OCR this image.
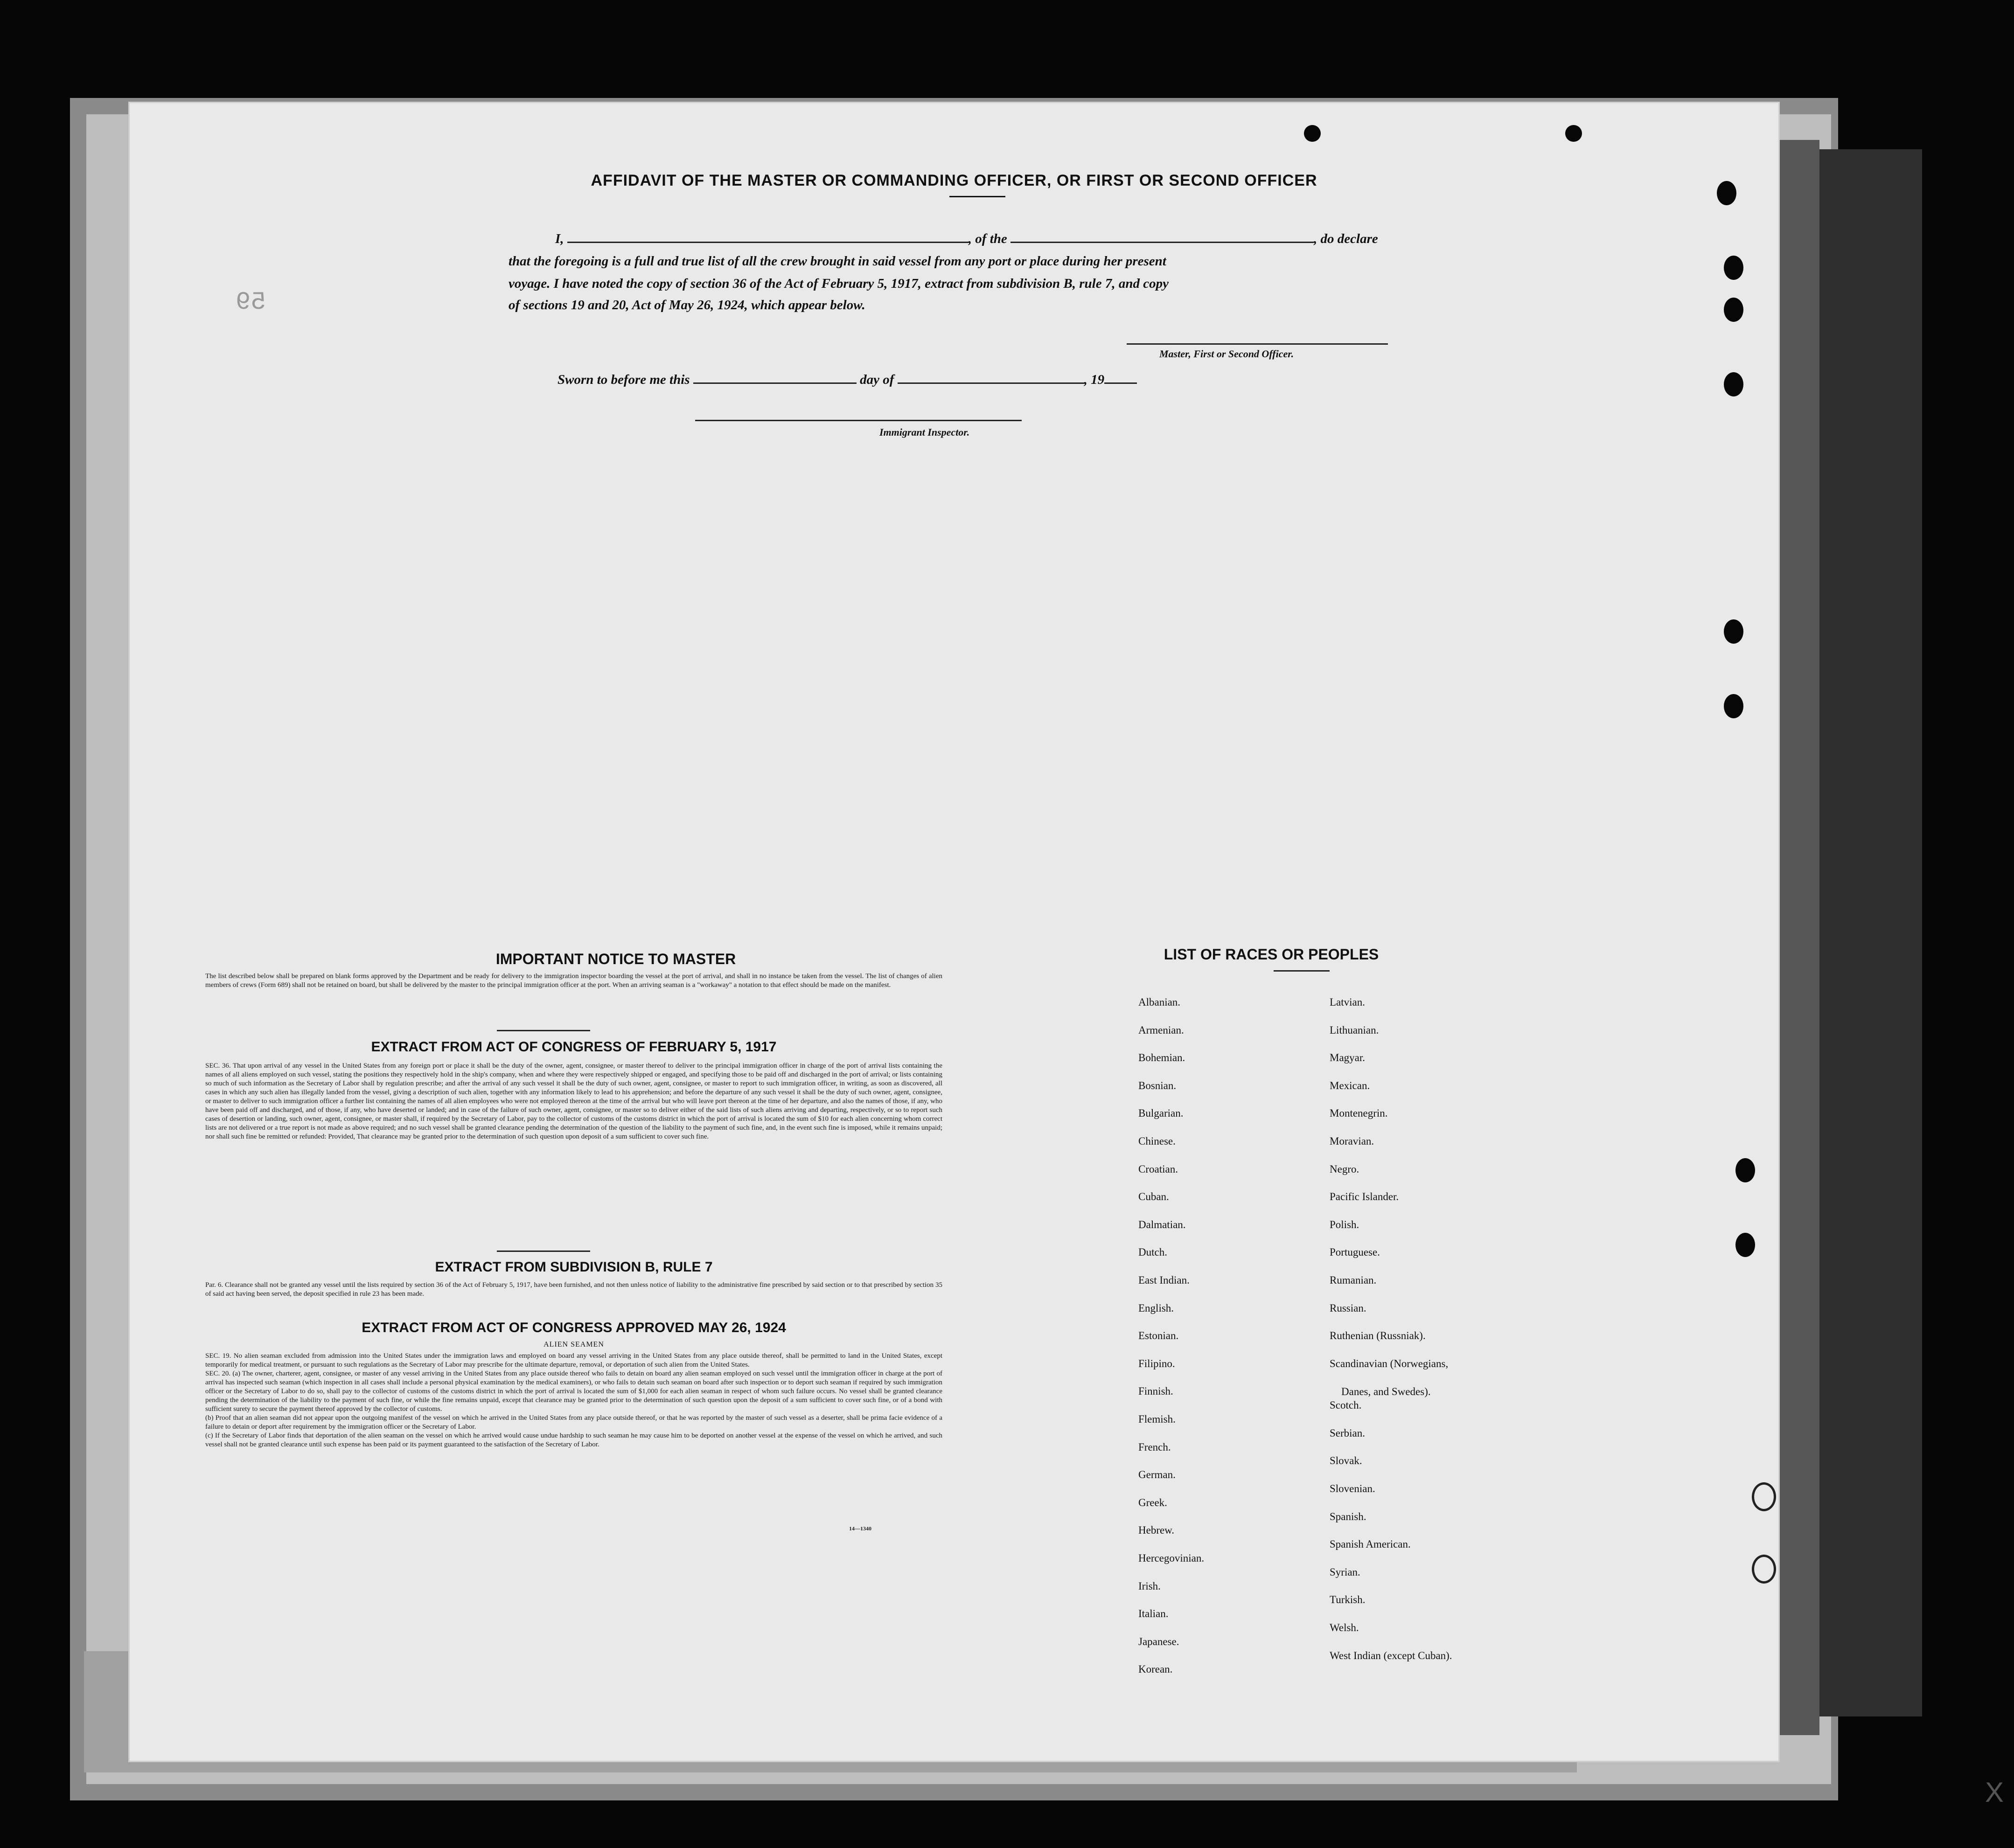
AFFIDAVIT OF THE MASTER OR COMMANDING OFFICER, OR FIRST OR SECOND OFFICER
I,	, of the	, do declare
that the foregoing is a full and true list of all the crew brought in said vessel from any port or place during her present
voyage. I have noted the copy of section 36 of the Act of February 5, 1917, extract from subdivision B, rule 7, and copy
of sections 19 and 20, Act of May 26, 1924, which appear below.
Master, First or Second Officer.
Sworn to before me this	day of	, 19
Immigrant Inspector.
59
IMPORTANT NOTICE TO MASTER
The list described below shall be prepared on blank forms approved by the Department and be ready for delivery to the immigration inspector boarding the vessel at the port of arrival, and shall in no instance be taken from the vessel. The list of changes of alien members of crews (Form 689) shall not be retained on board, but shall be delivered by the master to the principal immigration officer at the port. When an arriving seaman is a "workaway" a notation to that effect should be made on the manifest.
EXTRACT FROM ACT OF CONGRESS OF FEBRUARY 5, 1917
SEC. 36. That upon arrival of any vessel in the United States from any foreign port or place it shall be the duty of the owner, agent, consignee, or master thereof to deliver to the principal immigration officer in charge of the port of arrival lists containing the names of all aliens employed on such vessel, stating the positions they respectively hold in the ship's company, when and where they were respectively shipped or engaged, and specifying those to be paid off and discharged in the port of arrival; or lists containing so much of such information as the Secretary of Labor shall by regulation prescribe; and after the arrival of any such vessel it shall be the duty of such owner, agent, consignee, or master to report to such immigration officer, in writing, as soon as discovered, all cases in which any such alien has illegally landed from the vessel, giving a description of such alien, together with any information likely to lead to his apprehension; and before the departure of any such vessel it shall be the duty of such owner, agent, consignee, or master to deliver to such immigration officer a further list containing the names of all alien employees who were not employed thereon at the time of the arrival but who will leave port thereon at the time of her departure, and also the names of those, if any, who have been paid off and discharged, and of those, if any, who have deserted or landed; and in case of the failure of such owner, agent, consignee, or master so to deliver either of the said lists of such aliens arriving and departing, respectively, or so to report such cases of desertion or landing, such owner, agent, consignee, or master shall, if required by the Secretary of Labor, pay to the collector of customs of the customs district in which the port of arrival is located the sum of $10 for each alien concerning whom correct lists are not delivered or a true report is not made as above required; and no such vessel shall be granted clearance pending the determination of the question of the liability to the payment of such fine, and, in the event such fine is imposed, while it remains unpaid; nor shall such fine be remitted or refunded: Provided, That clearance may be granted prior to the determination of such question upon deposit of a sum sufficient to cover such fine.
EXTRACT FROM SUBDIVISION B, RULE 7
Par. 6. Clearance shall not be granted any vessel until the lists required by section 36 of the Act of February 5, 1917, have been furnished, and not then unless notice of liability to the administrative fine prescribed by said section or to that prescribed by section 35 of said act having been served, the deposit specified in rule 23 has been made.
EXTRACT FROM ACT OF CONGRESS APPROVED MAY 26, 1924
ALIEN SEAMEN
SEC. 19. No alien seaman excluded from admission into the United States under the immigration laws and employed on board any vessel arriving in the United States from any place outside thereof, shall be permitted to land in the United States, except temporarily for medical treatment, or pursuant to such regulations as the Secretary of Labor may prescribe for the ultimate departure, removal, or deportation of such alien from the United States.
SEC. 20. (a) The owner, charterer, agent, consignee, or master of any vessel arriving in the United States from any place outside thereof who fails to detain on board any alien seaman employed on such vessel until the immigration officer in charge at the port of arrival has inspected such seaman (which inspection in all cases shall include a personal physical examination by the medical examiners), or who fails to detain such seaman on board after such inspection or to deport such seaman if required by such immigration officer or the Secretary of Labor to do so, shall pay to the collector of customs of the customs district in which the port of arrival is located the sum of $1,000 for each alien seaman in respect of whom such failure occurs. No vessel shall be granted clearance pending the determination of the liability to the payment of such fine, or while the fine remains unpaid, except that clearance may be granted prior to the determination of such question upon the deposit of a sum sufficient to cover such fine, or of a bond with sufficient surety to secure the payment thereof approved by the collector of customs.
(b) Proof that an alien seaman did not appear upon the outgoing manifest of the vessel on which he arrived in the United States from any place outside thereof, or that he was reported by the master of such vessel as a deserter, shall be prima facie evidence of a failure to detain or deport after requirement by the immigration officer or the Secretary of Labor.
(c) If the Secretary of Labor finds that deportation of the alien seaman on the vessel on which he arrived would cause undue hardship to such seaman he may cause him to be deported on another vessel at the expense of the vessel on which he arrived, and such vessel shall not be granted clearance until such expense has been paid or its payment guaranteed to the satisfaction of the Secretary of Labor.
14—1340
LIST OF RACES OR PEOPLES
Albanian.
Armenian.
Bohemian.
Bosnian.
Bulgarian.
Chinese.
Croatian.
Cuban.
Dalmatian.
Dutch.
East Indian.
English.
Estonian.
Filipino.
Finnish.
Flemish.
French.
German.
Greek.
Hebrew.
Hercegovinian.
Irish.
Italian.
Japanese.
Korean.
Latvian.
Lithuanian.
Magyar.
Mexican.
Montenegrin.
Moravian.
Negro.
Pacific Islander.
Polish.
Portuguese.
Rumanian.
Russian.
Ruthenian (Russniak).
Scandinavian (Norwegians,
Danes, and Swedes).
Scotch.
Serbian.
Slovak.
Slovenian.
Spanish.
Spanish American.
Syrian.
Turkish.
Welsh.
West Indian (except Cuban).
X
